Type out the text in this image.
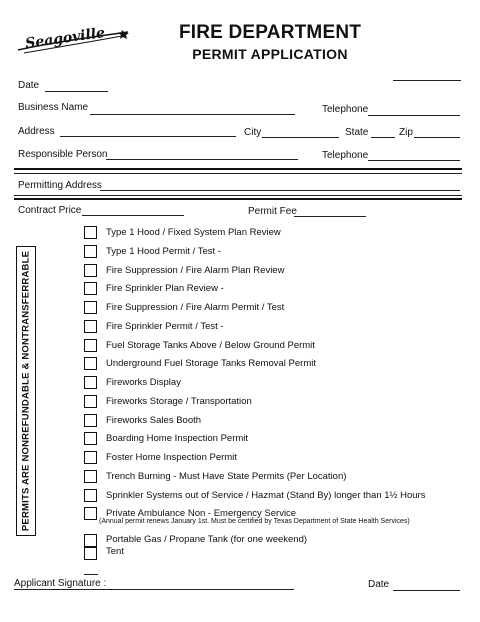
Seagoville	FIRE DEPARTMENT
PERMIT APPLICATION
Date
Business Name	Telephone
Address	City	State	Zip
Responsible Person	Telephone
Permitting Address
Contract Price	Permit Fee
PERMITS ARE NONREFUNDABLE & NONTRANSFERRABLE
Type 1 Hood / Fixed System Plan Review
Type 1 Hood Permit / Test -
Fire Suppression / Fire Alarm Plan Review
Fire Sprinkler Plan Review -
Fire Suppression / Fire Alarm Permit / Test
Fire Sprinkler Permit / Test -
Fuel Storage Tanks Above / Below Ground Permit
Underground Fuel Storage Tanks Removal Permit
Fireworks Display
Fireworks Storage / Transportation
Fireworks Sales Booth
Boarding Home Inspection Permit
Foster Home Inspection Permit
Trench Burning - Must Have State Permits (Per Location)
Sprinkler Systems out of Service / Hazmat (Stand By) longer than 1½ Hours
Private Ambulance Non - Emergency Service
(Annual permit renews January 1st. Must be certified by Texas Department of State Health Services)
Portable Gas / Propane Tank (for one weekend)
Tent
Applicant Signature :	Date
